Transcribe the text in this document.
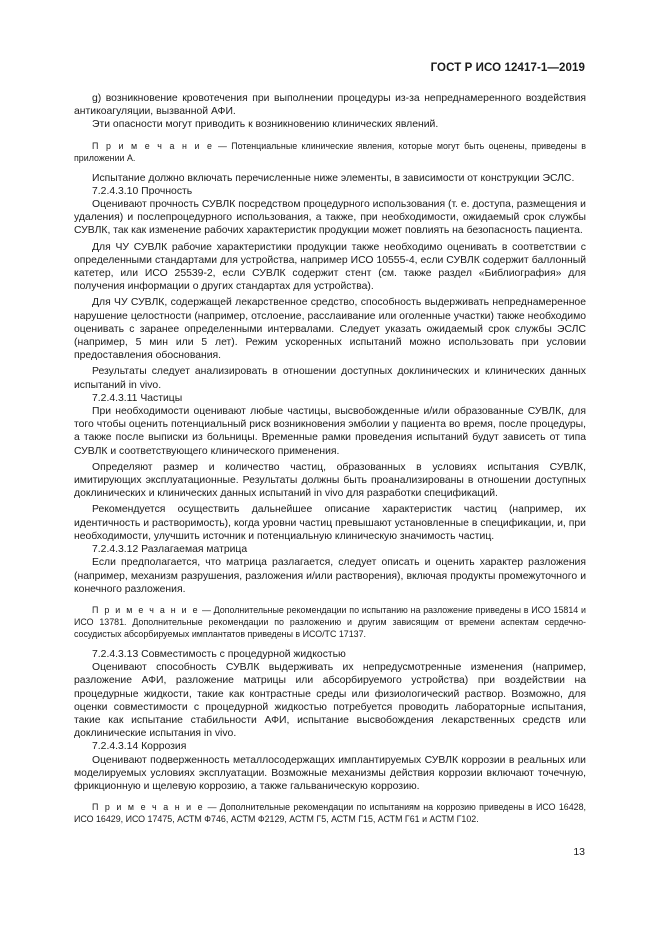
ГОСТ Р ИСО 12417-1—2019

g) возникновение кровотечения при выполнении процедуры из-за непреднамеренного воздействия антикоагуляции, вызванной АФИ.

Эти опасности могут приводить к возникновению клинических явлений.

П р и м е ч а н и е — Потенциальные клинические явления, которые могут быть оценены, приведены в приложении А.

Испытание должно включать перечисленные ниже элементы, в зависимости от конструкции ЭСЛС.

7.2.4.3.10 Прочность

Оценивают прочность СУВЛК посредством процедурного использования (т. е. доступа, размещения и удаления) и послепроцедурного использования, а также, при необходимости, ожидаемый срок службы СУВЛК, так как изменение рабочих характеристик продукции может повлиять на безопасность пациента.

Для ЧУ СУВЛК рабочие характеристики продукции также необходимо оценивать в соответствии с определенными стандартами для устройства, например ИСО 10555-4, если СУВЛК содержит баллонный катетер, или ИСО 25539-2, если СУВЛК содержит стент (см. также раздел «Библиография» для получения информации о других стандартах для устройства).

Для ЧУ СУВЛК, содержащей лекарственное средство, способность выдерживать непреднамеренное нарушение целостности (например, отслоение, расслаивание или оголенные участки) также необходимо оценивать с заранее определенными интервалами. Следует указать ожидаемый срок службы ЭСЛС (например, 5 мин или 5 лет). Режим ускоренных испытаний можно использовать при условии предоставления обоснования.

Результаты следует анализировать в отношении доступных доклинических и клинических данных испытаний in vivo.

7.2.4.3.11 Частицы

При необходимости оценивают любые частицы, высвобожденные и/или образованные СУВЛК, для того чтобы оценить потенциальный риск возникновения эмболии у пациента во время, после процедуры, а также после выписки из больницы. Временные рамки проведения испытаний будут зависеть от типа СУВЛК и соответствующего клинического применения.

Определяют размер и количество частиц, образованных в условиях испытания СУВЛК, имитирующих эксплуатационные. Результаты должны быть проанализированы в отношении доступных доклинических и клинических данных испытаний in vivo для разработки спецификаций.

Рекомендуется осуществить дальнейшее описание характеристик частиц (например, их идентичность и растворимость), когда уровни частиц превышают установленные в спецификации, и, при необходимости, улучшить источник и потенциальную клиническую значимость частиц.

7.2.4.3.12 Разлагаемая матрица

Если предполагается, что матрица разлагается, следует описать и оценить характер разложения (например, механизм разрушения, разложения и/или растворения), включая продукты промежуточного и конечного разложения.

П р и м е ч а н и е — Дополнительные рекомендации по испытанию на разложение приведены в ИСО 15814 и ИСО 13781. Дополнительные рекомендации по разложению и другим зависящим от времени аспектам сердечно-сосудистых абсорбируемых имплантатов приведены в ИСО/ТС 17137.

7.2.4.3.13 Совместимость с процедурной жидкостью

Оценивают способность СУВЛК выдерживать их непредусмотренные изменения (например, разложение АФИ, разложение матрицы или абсорбируемого устройства) при воздействии на процедурные жидкости, такие как контрастные среды или физиологический раствор. Возможно, для оценки совместимости с процедурной жидкостью потребуется проводить лабораторные испытания, такие как испытание стабильности АФИ, испытание высвобождения лекарственных средств или доклинические испытания in vivo.

7.2.4.3.14 Коррозия

Оценивают подверженность металлосодержащих имплантируемых СУВЛК коррозии в реальных или моделируемых условиях эксплуатации. Возможные механизмы действия коррозии включают точечную, фрикционную и щелевую коррозию, а также гальваническую коррозию.

П р и м е ч а н и е — Дополнительные рекомендации по испытаниям на коррозию приведены в ИСО 16428, ИСО 16429, ИСО 17475, АСТМ Ф746, АСТМ Ф2129, АСТМ Г5, АСТМ Г15, АСТМ Г61 и АСТМ Г102.

13
